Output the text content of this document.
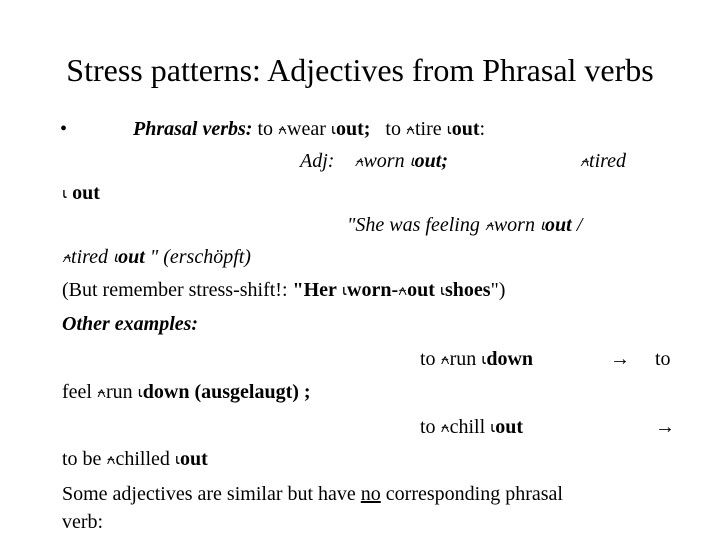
Stress patterns: Adjectives from Phrasal verbs
•	Phrasal verbs: to ⍲wear ⍳out; to ⍲tire ⍳out:
Adj: ⍲worn ⍳out;	⍲tired
⍳ out
"She was feeling ⍲worn ⍳out /
⍲tired ⍳out " (erschöpft)
(But remember stress-shift!: "Her ⍳worn-⍲out ⍳shoes")
Other examples:
to ⍲run ⍳down	→ to
feel ⍲run ⍳down (ausgelaugt) ;
to ⍲chill ⍳out	→
to be ⍲chilled ⍳out
Some adjectives are similar but have no corresponding phrasal
verb:
